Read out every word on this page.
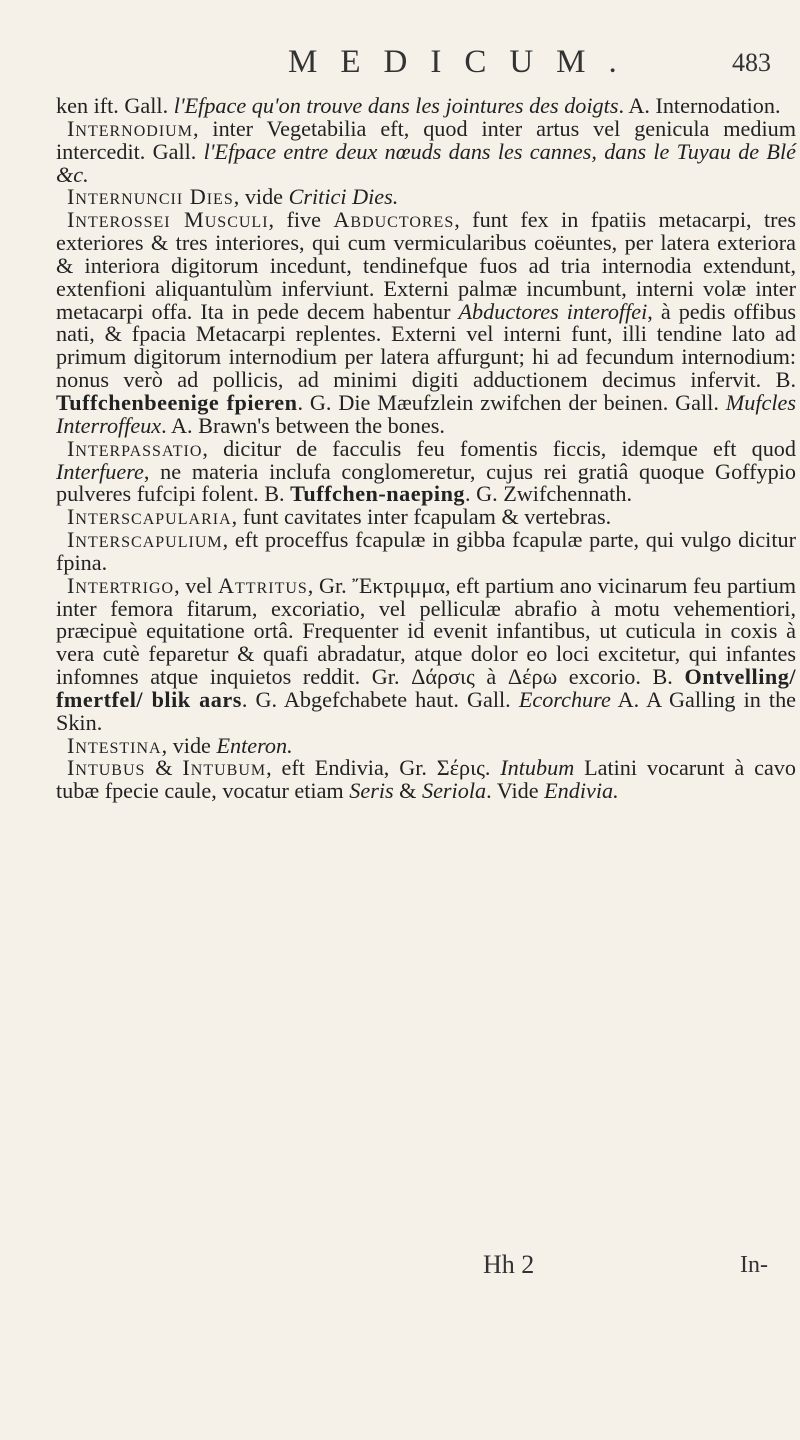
MEDICUM.	483

ken ift. Gall. l'Efpace qu'on trouve dans les jointures des doigts. A. Internodation.

Internodium, inter Vegetabilia eft, quod inter artus vel genicula medium intercedit. Gall. l'Efpace entre deux nœuds dans les cannes, dans le Tuyau de Blé &c.

Internuncii Dies, vide Critici Dies.

Interossei Musculi, five Abductores, funt fex in fpatiis metacarpi, tres exteriores & tres interiores, qui cum vermicularibus coëuntes, per latera exteriora & interiora digitorum incedunt, tendinefque fuos ad tria internodia extendunt, extenfioni aliquantulùm inferviunt. Externi palmæ incumbunt, interni volæ inter metacarpi offa. Ita in pede decem habentur Abductores interoffei, à pedis offibus nati, & fpacia Metacarpi replentes. Externi vel interni funt, illi tendine lato ad primum digitorum internodium per latera affurgunt; hi ad fecundum internodium: nonus verò ad pollicis, ad minimi digiti adductionem decimus infervit. B. Tuffchenbeenige fpieren. G. Die Mæufzlein zwifchen der beinen. Gall. Mufcles Interroffeux. A. Brawn's between the bones.

Interpassatio, dicitur de facculis feu fomentis ficcis, idemque eft quod Interfuere, ne materia inclufa conglomeretur, cujus rei gratiâ quoque Goffypio pulveres fufcipi folent. B. Tuffchen-naeping. G. Zwifchennath.

Interscapularia, funt cavitates inter fcapulam & vertebras.

Interscapulium, eft proceffus fcapulæ in gibba fcapulæ parte, qui vulgo dicitur fpina.

Intertrigo, vel Attritus, Gr. Ἔκτριμμα, eft partium ano vicinarum feu partium inter femora fitarum, excoriatio, vel pelliculæ abrafio à motu vehementiori, præcipuè equitatione ortâ. Frequenter id evenit infantibus, ut cuticula in coxis à vera cutè feparetur & quafi abradatur, atque dolor eo loci excitetur, qui infantes infomnes atque inquietos reddit. Gr. Δάρσις à Δέρω excorio. B. Ontvelling/ fmertfel/ blik aars. G. Abgefchabete haut. Gall. Ecorchure A. A Galling in the Skin.

Intestina, vide Enteron.

Intubus & Intubum, eft Endivia, Gr. Σέρις. Intubum Latini vocarunt à cavo tubæ fpecie caule, vocatur etiam Seris & Seriola. Vide Endivia.

Hh 2	In-
